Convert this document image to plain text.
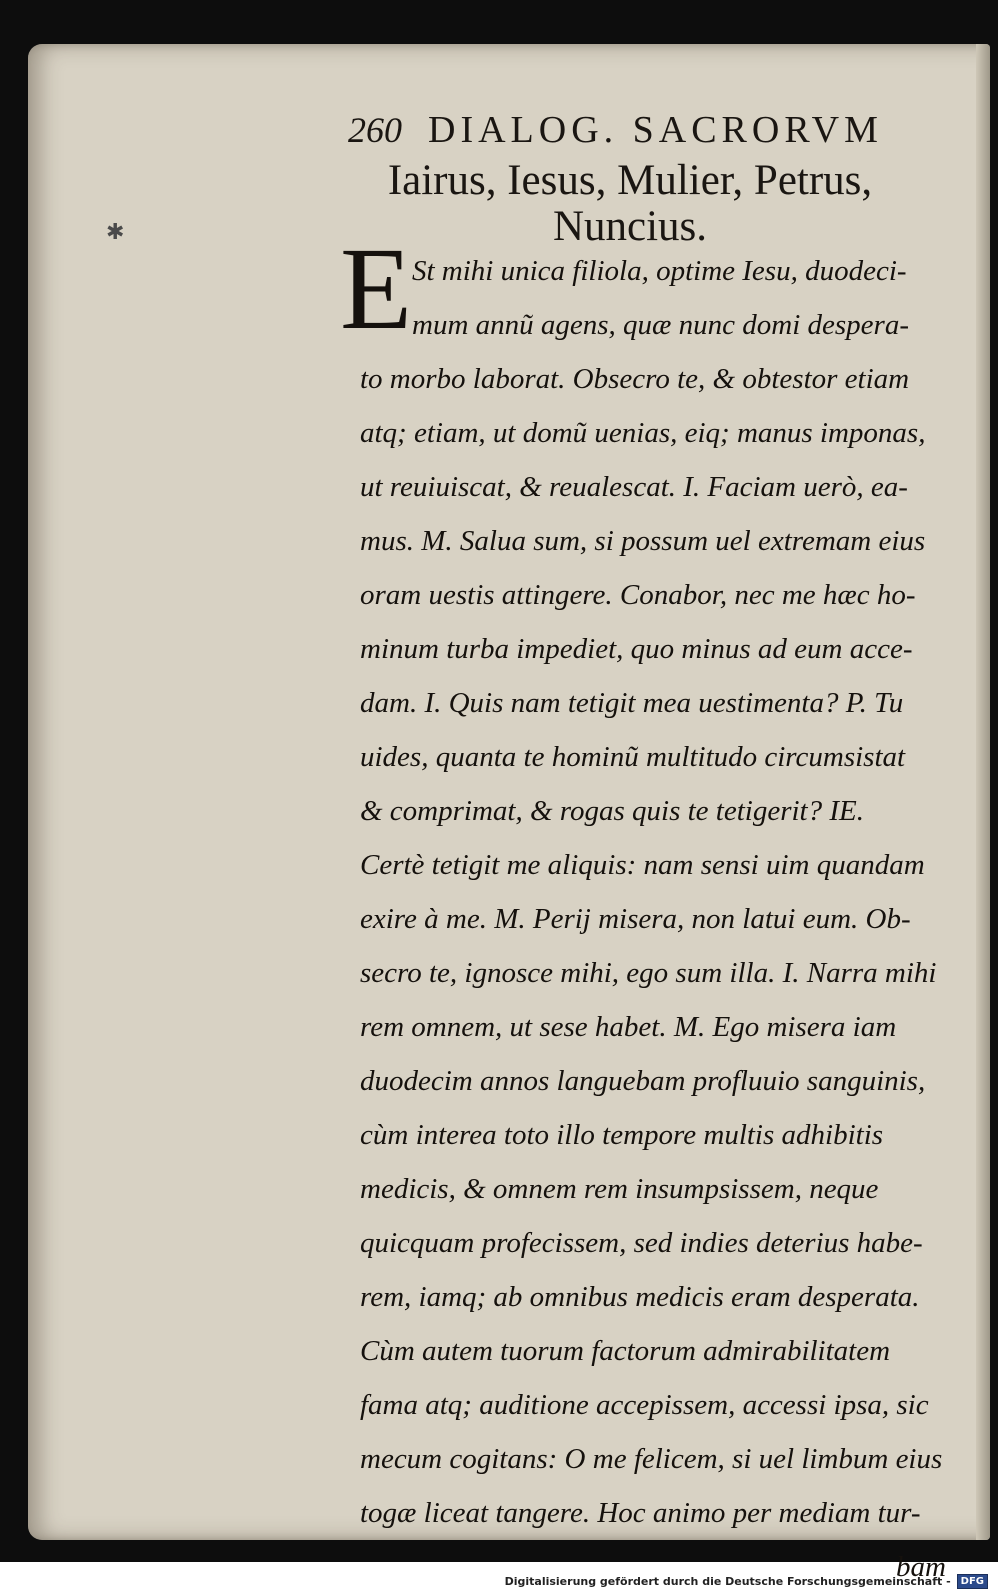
✱
260 DIALOG. SACRORVM
Iairus, Iesus, Mulier, Petrus,
Nuncius.
E St mihi unica filiola, optime Iesu, duodeci-
mum annũ agens, quæ nunc domi despera-
to morbo laborat. Obsecro te, & obtestor etiam
atq; etiam, ut domũ uenias, eiq; manus imponas,
ut reuiuiscat, & reualescat. I. Faciam uerò, ea-
mus. M. Salua sum, si possum uel extremam eius
oram uestis attingere. Conabor, nec me hæc ho-
minum turba impediet, quo minus ad eum acce-
dam. I. Quis nam tetigit mea uestimenta? P. Tu
uides, quanta te hominũ multitudo circumsistat
& comprimat, & rogas quis te tetigerit? IE.
Certè tetigit me aliquis: nam sensi uim quandam
exire à me. M. Perij misera, non latui eum. Ob-
secro te, ignosce mihi, ego sum illa. I. Narra mihi
rem omnem, ut sese habet. M. Ego misera iam
duodecim annos languebam profluuio sanguinis,
cùm interea toto illo tempore multis adhibitis
medicis, & omnem rem insumpsissem, neque
quicquam profecissem, sed indies deterius habe-
rem, iamq; ab omnibus medicis eram desperata.
Cùm autem tuorum factorum admirabilitatem
fama atq; auditione accepissem, accessi ipsa, sic
mecum cogitans: O me felicem, si uel limbum eius
togæ liceat tangere. Hoc animo per mediam tur-
bam
Digitalisierung gefördert durch die Deutsche Forschungsgemeinschaft -	DFG
